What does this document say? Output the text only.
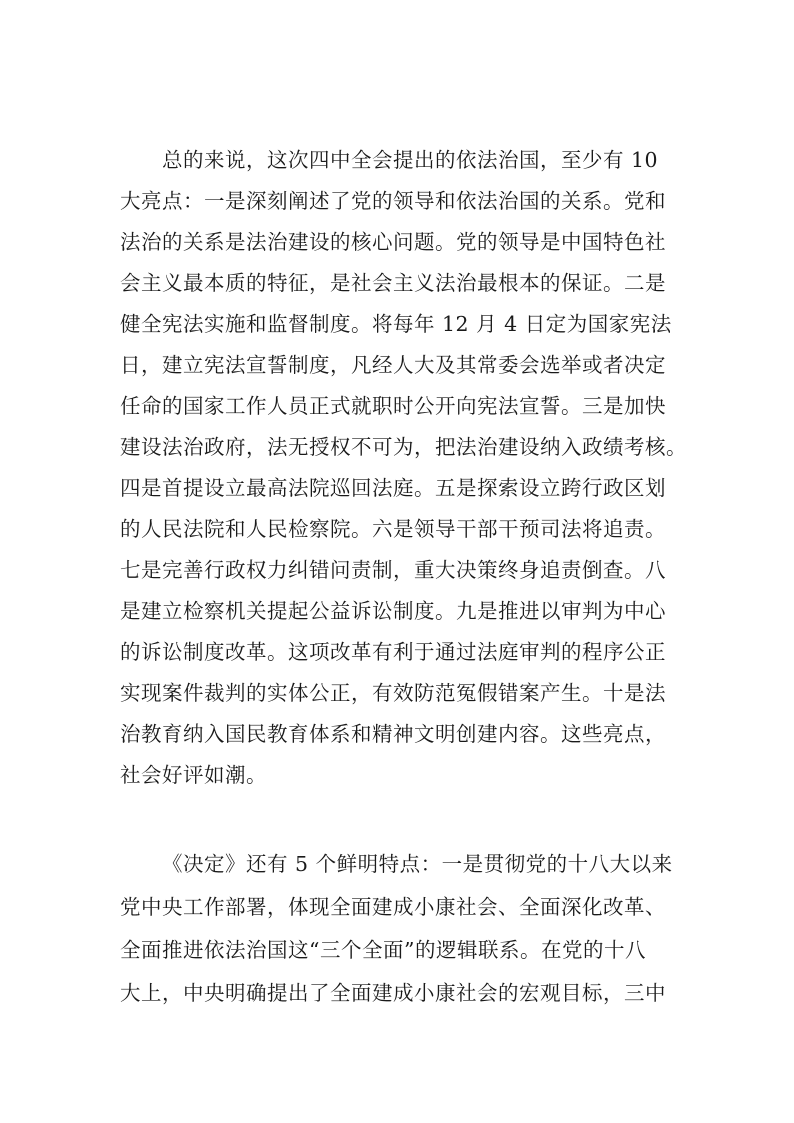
总的来说，这次四中全会提出的依法治国，至少有 10
大亮点：一是深刻阐述了党的领导和依法治国的关系。党和
法治的关系是法治建设的核心问题。党的领导是中国特色社
会主义最本质的特征，是社会主义法治最根本的保证。二是
健全宪法实施和监督制度。将每年 12 月 4 日定为国家宪法
日，建立宪法宣誓制度，凡经人大及其常委会选举或者决定
任命的国家工作人员正式就职时公开向宪法宣誓。三是加快
建设法治政府，法无授权不可为，把法治建设纳入政绩考核。
四是首提设立最高法院巡回法庭。五是探索设立跨行政区划
的人民法院和人民检察院。六是领导干部干预司法将追责。
七是完善行政权力纠错问责制，重大决策终身追责倒查。八
是建立检察机关提起公益诉讼制度。九是推进以审判为中心
的诉讼制度改革。这项改革有利于通过法庭审判的程序公正
实现案件裁判的实体公正，有效防范冤假错案产生。十是法
治教育纳入国民教育体系和精神文明创建内容。这些亮点，
社会好评如潮。
《决定》还有 5 个鲜明特点：一是贯彻党的十八大以来
党中央工作部署，体现全面建成小康社会、全面深化改革、
全面推进依法治国这“三个全面”的逻辑联系。在党的十八
大上，中央明确提出了全面建成小康社会的宏观目标，三中
